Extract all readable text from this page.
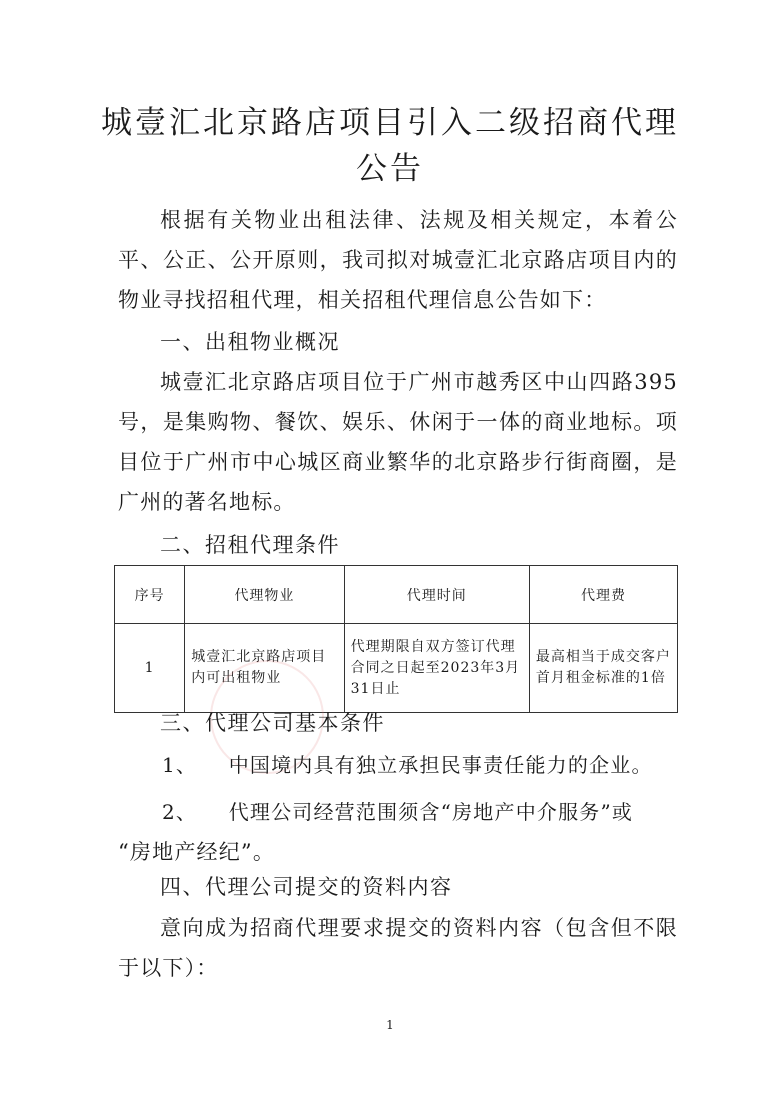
城壹汇北京路店项目引入二级招商代理
公告

根据有关物业出租法律、法规及相关规定，本着公平、公正、公开原则，我司拟对城壹汇北京路店项目内的物业寻找招租代理，相关招租代理信息公告如下：

一、出租物业概况

城壹汇北京路店项目位于广州市越秀区中山四路395号，是集购物、餐饮、娱乐、休闲于一体的商业地标。项目位于广州市中心城区商业繁华的北京路步行街商圈，是广州的著名地标。

二、招租代理条件
序号	代理物业	代理时间	代理费
1	城壹汇北京路店项目内可出租物业	代理期限自双方签订代理合同之日起至2023年3月31日止	最高相当于成交客户首月租金标准的1倍
三、代理公司基本条件
1、 中国境内具有独立承担民事责任能力的企业。
2、 代理公司经营范围须含“房地产中介服务”或
“房地产经纪”。
四、代理公司提交的资料内容

意向成为招商代理要求提交的资料内容（包含但不限于以下）：

1
